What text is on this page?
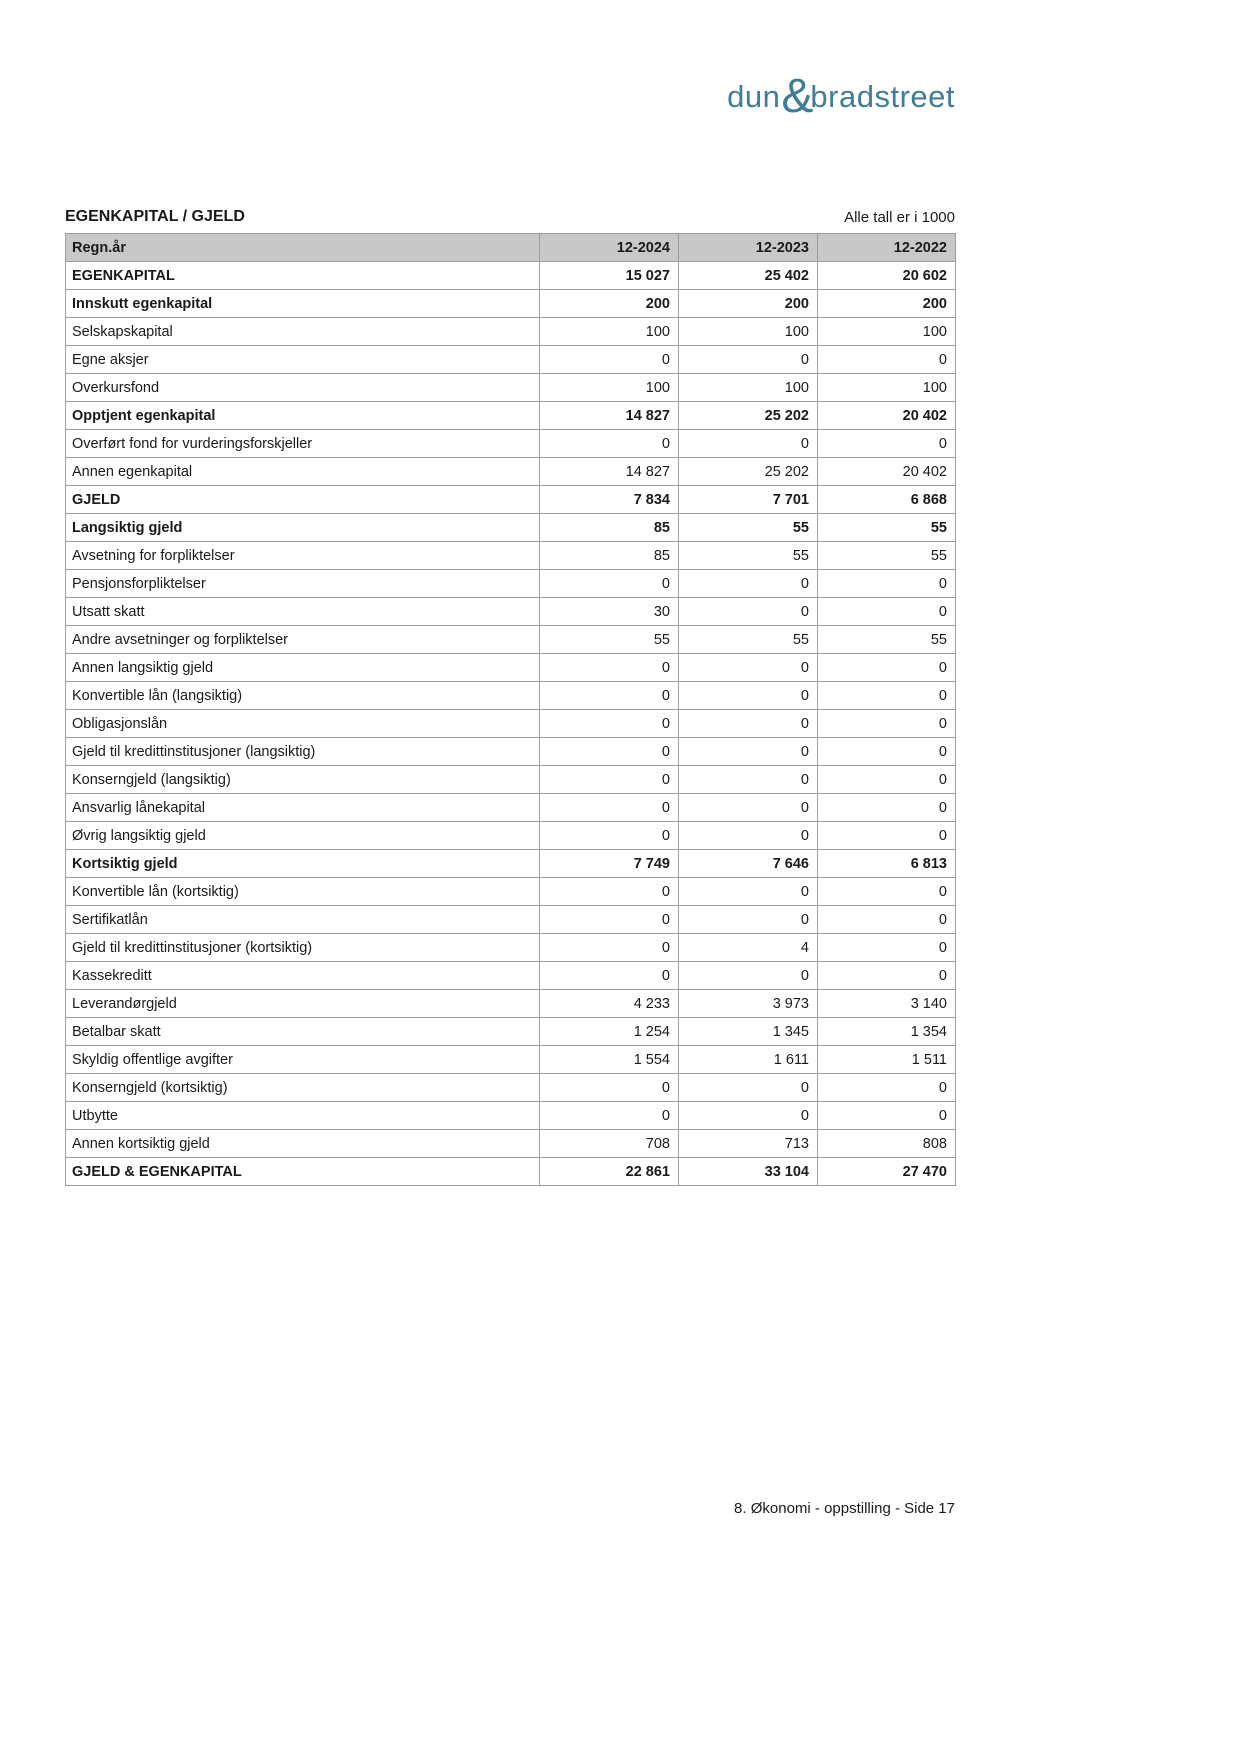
dun&bradstreet
EGENKAPITAL / GJELD	Alle tall er i 1000
Regn.år	12-2024	12-2023	12-2022
EGENKAPITAL	15 027	25 402	20 602
Innskutt egenkapital	200	200	200
Selskapskapital	100	100	100
Egne aksjer	0	0	0
Overkursfond	100	100	100
Opptjent egenkapital	14 827	25 202	20 402
Overført fond for vurderingsforskjeller	0	0	0
Annen egenkapital	14 827	25 202	20 402
GJELD	7 834	7 701	6 868
Langsiktig gjeld	85	55	55
Avsetning for forpliktelser	85	55	55
Pensjonsforpliktelser	0	0	0
Utsatt skatt	30	0	0
Andre avsetninger og forpliktelser	55	55	55
Annen langsiktig gjeld	0	0	0
Konvertible lån (langsiktig)	0	0	0
Obligasjonslån	0	0	0
Gjeld til kredittinstitusjoner (langsiktig)	0	0	0
Konserngjeld (langsiktig)	0	0	0
Ansvarlig lånekapital	0	0	0
Øvrig langsiktig gjeld	0	0	0
Kortsiktig gjeld	7 749	7 646	6 813
Konvertible lån (kortsiktig)	0	0	0
Sertifikatlån	0	0	0
Gjeld til kredittinstitusjoner (kortsiktig)	0	4	0
Kassekreditt	0	0	0
Leverandørgjeld	4 233	3 973	3 140
Betalbar skatt	1 254	1 345	1 354
Skyldig offentlige avgifter	1 554	1 611	1 511
Konserngjeld (kortsiktig)	0	0	0
Utbytte	0	0	0
Annen kortsiktig gjeld	708	713	808
GJELD & EGENKAPITAL	22 861	33 104	27 470
8. Økonomi - oppstilling - Side 17
